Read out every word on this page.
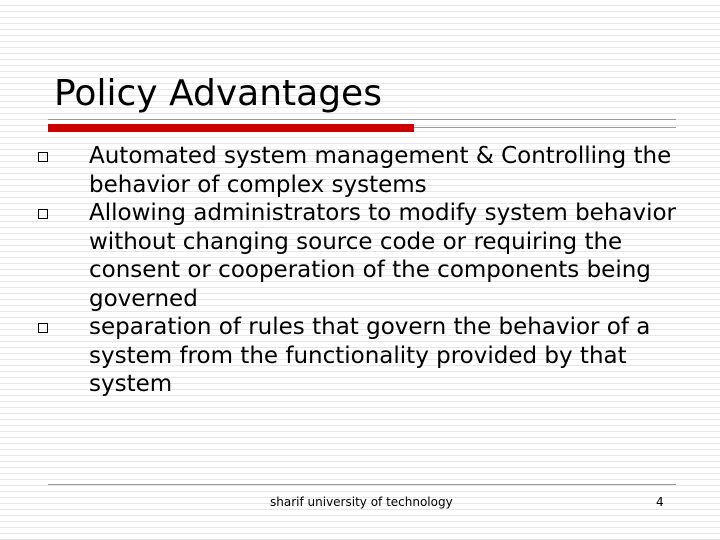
Policy Advantages
Automated system management & Controlling the behavior of complex systems
Allowing administrators to modify system behavior without changing source code or requiring the consent or cooperation of the components being governed
separation of rules that govern the behavior of a system from the functionality provided by that system
sharif university of technology	4
